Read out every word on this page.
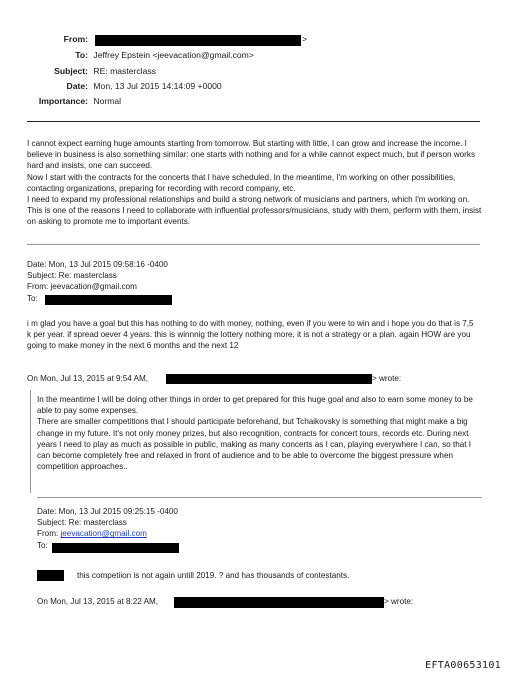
From:	>
To: Jeffrey Epstein <jeevacation@gmail.com>
Subject: RE: masterclass
Date: Mon, 13 Jul 2015 14:14:09 +0000
Importance: Normal

I cannot expect earning huge amounts starting from tomorrow. But starting with little, I can grow and increase the income. I believe in business is also something similar: one starts with nothing and for a while cannot expect much, but if person works hard and insists, one can succeed.

Now I start with the contracts for the concerts that I have scheduled. In the meantime, I'm working on other possibilities, contacting organizations, preparing for recording with record company, etc.

I need to expand my professional relationships and build a strong network of musicians and partners, which I'm working on. This is one of the reasons I need to collaborate with influential professors/musicians, study with them, perform with them, insist on asking to promote me to important events.

Date: Mon, 13 Jul 2015 09:58:16 -0400

Subject: Re: masterclass

From: jeevacation@gmail.com

To:

i m glad you have a goal but this has nothing to do with money, nothing, even if you were to win and i hope you do that is 7,5 k per year. if spread oever 4 years. this is winnnig the lottery nothing more, it is not a strategy or a plan. again HOW are you going to make money in the next 6 months and the next 12
On Mon, Jul 13, 2015 at 9:54 AM,	> wrote:

In the meantime I will be doing other things in order to get prepared for this huge goal and also to earn some money to be able to pay some expenses.

There are smaller competitions that I should participate beforehand, but Tchaikovsky is something that might make a big change in my future. It's not only money prizes, but also recognition, contracts for concert tours, records etc. During next years I need to play as much as possible in public, making as many concerts as I can, playing everywhere I can, so that I can become completely free and relaxed in front of audience and to be able to overcome the biggest pressure when competition approaches..

Date: Mon, 13 Jul 2015 09:25:15 -0400

Subject: Re: masterclass

From: jeevacation@gmail.com

To:

this competiion is not again untill 2019. ? and has thousands of contestants.
On Mon, Jul 13, 2015 at 8:22 AM,	> wrote:
EFTA00653101
